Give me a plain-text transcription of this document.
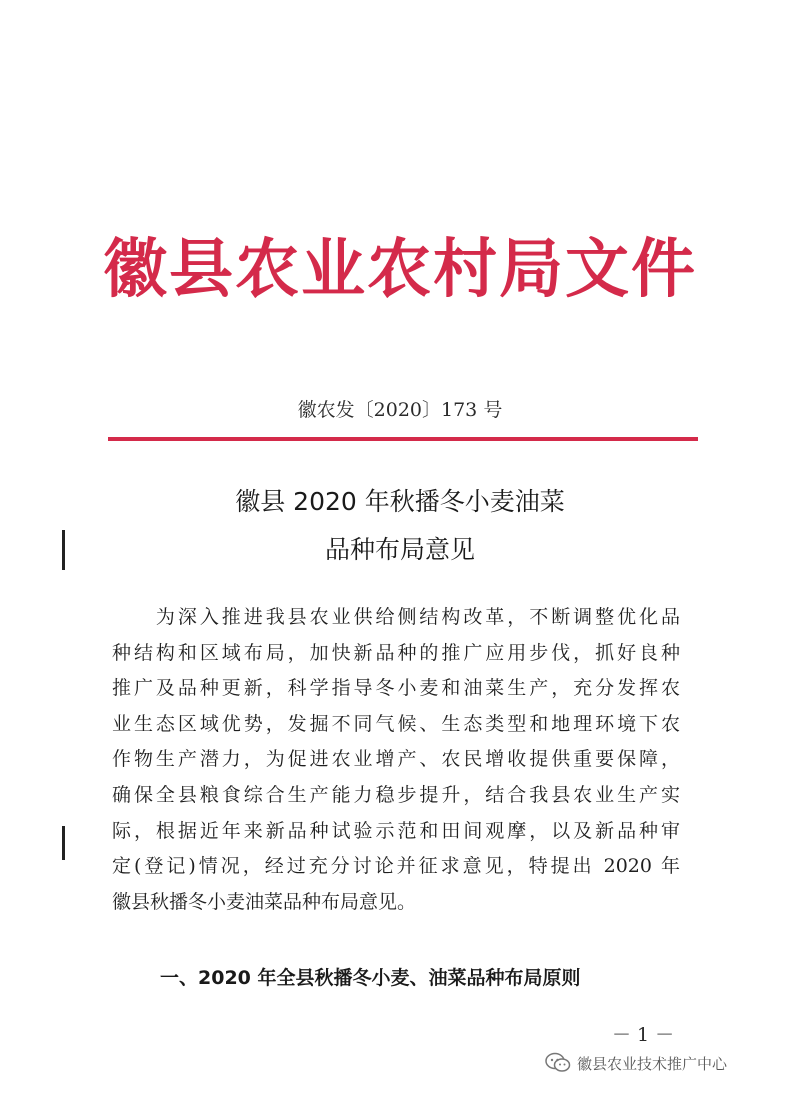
徽县农业农村局文件
徽农发〔2020〕173 号
徽县 2020 年秋播冬小麦油菜
品种布局意见
　　为深入推进我县农业供给侧结构改革，不断调整优化品
种结构和区域布局，加快新品种的推广应用步伐，抓好良种
推广及品种更新，科学指导冬小麦和油菜生产，充分发挥农
业生态区域优势，发掘不同气候、生态类型和地理环境下农
作物生产潜力，为促进农业增产、农民增收提供重要保障，
确保全县粮食综合生产能力稳步提升，结合我县农业生产实
际，根据近年来新品种试验示范和田间观摩，以及新品种审
定(登记)情况，经过充分讨论并征求意见，特提出 2020 年
徽县秋播冬小麦油菜品种布局意见。
一、2020 年全县秋播冬小麦、油菜品种布局原则
－ 1 －
徽县农业技术推广中心
